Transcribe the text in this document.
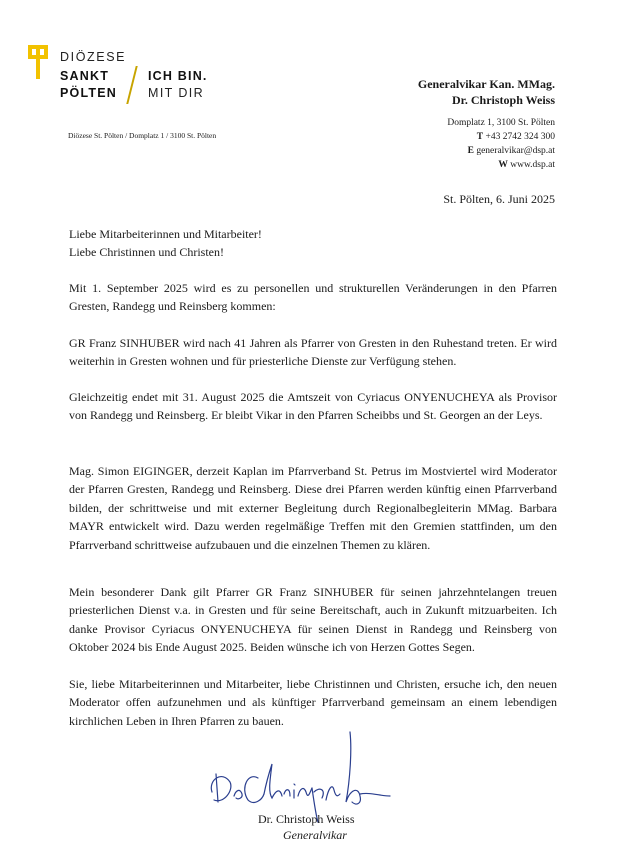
DIÖZESE
SANKT
PÖLTEN
ICH BIN.
MIT DIR
Generalvikar Kan. MMag.
Dr. Christoph Weiss
Domplatz 1, 3100 St. Pölten
T +43 2742 324 300
E generalvikar@dsp.at
W www.dsp.at
Diözese St. Pölten / Domplatz 1 / 3100 St. Pölten
St. Pölten, 6. Juni 2025
Liebe Mitarbeiterinnen und Mitarbeiter!
Liebe Christinnen und Christen!
Mit 1. September 2025 wird es zu personellen und strukturellen Veränderungen in den Pfarren Gresten, Randegg und Reinsberg kommen:
GR Franz SINHUBER wird nach 41 Jahren als Pfarrer von Gresten in den Ruhestand treten. Er wird weiterhin in Gresten wohnen und für priesterliche Dienste zur Verfügung stehen.
Gleichzeitig endet mit 31. August 2025 die Amtszeit von Cyriacus ONYENUCHEYA als Provisor von Randegg und Reinsberg. Er bleibt Vikar in den Pfarren Scheibbs und St. Georgen an der Leys.
Mag. Simon EIGINGER, derzeit Kaplan im Pfarrverband St. Petrus im Mostviertel wird Moderator der Pfarren Gresten, Randegg und Reinsberg. Diese drei Pfarren werden künftig einen Pfarrverband bilden, der schrittweise und mit externer Begleitung durch Regionalbegleiterin MMag. Barbara MAYR entwickelt wird. Dazu werden regelmäßige Treffen mit den Gremien stattfinden, um den Pfarrverband schrittweise aufzubauen und die einzelnen Themen zu klären.
Mein besonderer Dank gilt Pfarrer GR Franz SINHUBER für seinen jahrzehntelangen treuen priesterlichen Dienst v.a. in Gresten und für seine Bereitschaft, auch in Zukunft mitzuarbeiten. Ich danke Provisor Cyriacus ONYENUCHEYA für seinen Dienst in Randegg und Reinsberg von Oktober 2024 bis Ende August 2025. Beiden wünsche ich von Herzen Gottes Segen.
Sie, liebe Mitarbeiterinnen und Mitarbeiter, liebe Christinnen und Christen, ersuche ich, den neuen Moderator offen aufzunehmen und als künftiger Pfarrverband gemeinsam an einem lebendigen kirchlichen Leben in Ihren Pfarren zu bauen.
Dr. Christoph Weiss
Generalvikar
